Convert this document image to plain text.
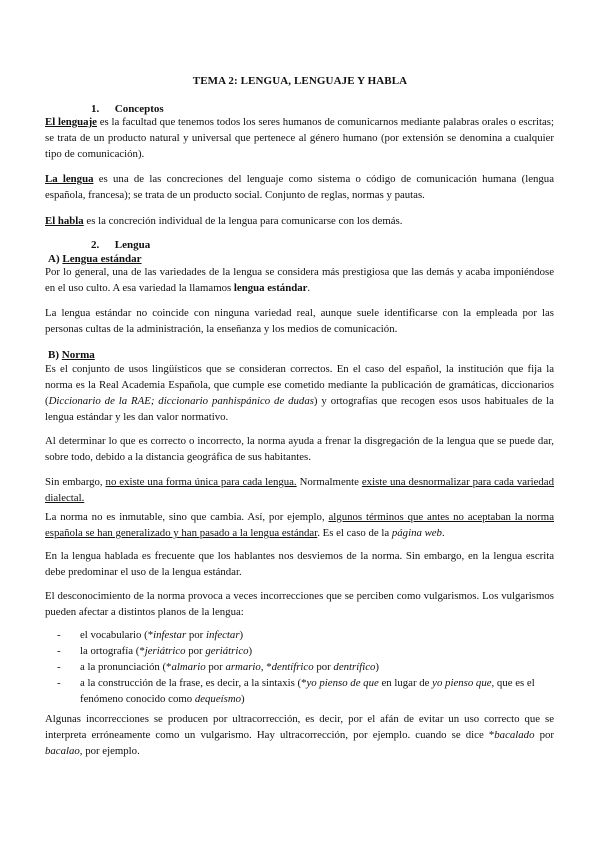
TEMA 2: LENGUA, LENGUAJE Y HABLA
1. Conceptos

El lenguaje es la facultad que tenemos todos los seres humanos de comunicarnos mediante palabras orales o escritas; se trata de un producto natural y universal que pertenece al género humano (por extensión se denomina a cualquier tipo de comunicación).

La lengua es una de las concreciones del lenguaje como sistema o código de comunicación humana (lengua española, francesa); se trata de un producto social. Conjunto de reglas, normas y pautas.

El habla es la concreción individual de la lengua para comunicarse con los demás.

2. Lengua
A) Lengua estándar

Por lo general, una de las variedades de la lengua se considera más prestigiosa que las demás y acaba imponiéndose en el uso culto. A esa variedad la llamamos lengua estándar.

La lengua estándar no coincide con ninguna variedad real, aunque suele identificarse con la empleada por las personas cultas de la administración, la enseñanza y los medios de comunicación.

B) Norma

Es el conjunto de usos lingüísticos que se consideran correctos. En el caso del español, la institución que fija la norma es la Real Academia Española, que cumple ese cometido mediante la publicación de gramáticas, diccionarios (Diccionario de la RAE; diccionario panhispánico de dudas) y ortografías que recogen esos usos habituales de la lengua estándar y les dan valor normativo.

Al determinar lo que es correcto o incorrecto, la norma ayuda a frenar la disgregación de la lengua que se puede dar, sobre todo, debido a la distancia geográfica de sus habitantes.

Sin embargo, no existe una forma única para cada lengua. Normalmente existe una desnormalizar para cada variedad dialectal.

La norma no es inmutable, sino que cambia. Así, por ejemplo, algunos términos que antes no aceptaban la norma española se han generalizado y han pasado a la lengua estándar. Es el caso de la página web.

En la lengua hablada es frecuente que los hablantes nos desviemos de la norma. Sin embargo, en la lengua escrita debe predominar el uso de la lengua estándar.

El desconocimiento de la norma provoca a veces incorrecciones que se perciben como vulgarismos. Los vulgarismos pueden afectar a distintos planos de la lengua:

- el vocabulario (*infestar por infectar)
- la ortografía (*jeriátrico por geriátrico)
- a la pronunciación (*almario por armario, *dentífrico por dentrífico)
- a la construcción de la frase, es decir, a la sintaxis (*yo pienso de que en lugar de yo pienso que, que es el fenómeno conocido como dequeísmo)

Algunas incorrecciones se producen por ultracorrección, es decir, por el afán de evitar un uso correcto que se interpreta erróneamente como un vulgarismo. Hay ultracorrección, por ejemplo. cuando se dice *bacalado por bacalao, por ejemplo.
